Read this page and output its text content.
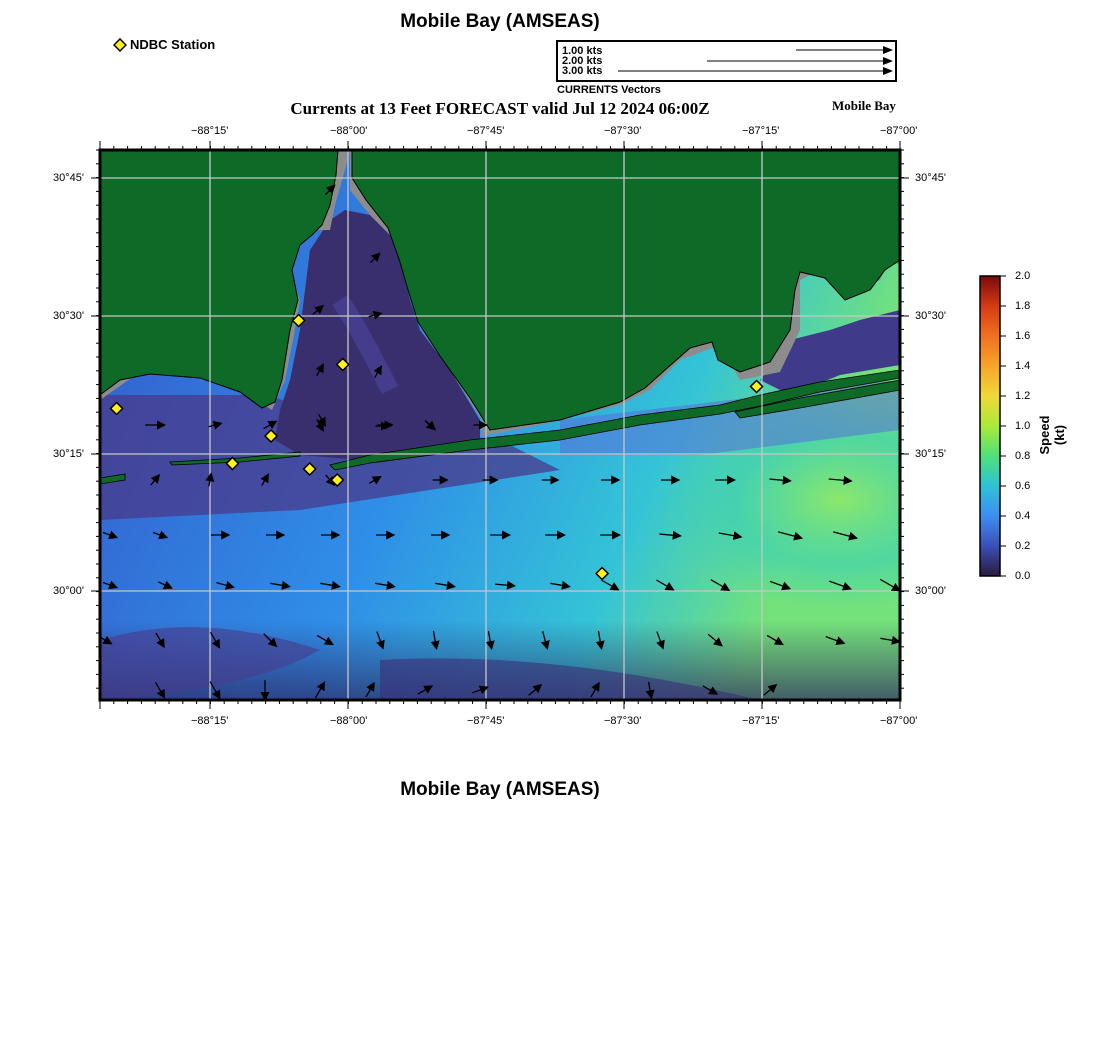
Mobile Bay (AMSEAS)
NDBC Station	1.00 kts
2.00 kts
3.00 kts
CURRENTS Vectors
Currents at 13 Feet FORECAST valid Jul 12 2024 06:00Z	Mobile Bay
−88°15'	−88°00'	−87°45'	−87°30'	−87°15'	−87°00'
−88°15'	−88°00'	−87°45'	−87°30'	−87°15'	−87°00'
30°45'
30°30'
30°15'
30°00'
30°45'
30°30'
30°15'
30°00'
2.0
1.8
1.6
1.4
1.2
1.0
0.8
0.6
0.4
0.2
0.0
Speed (kt)
Mobile Bay (AMSEAS)
